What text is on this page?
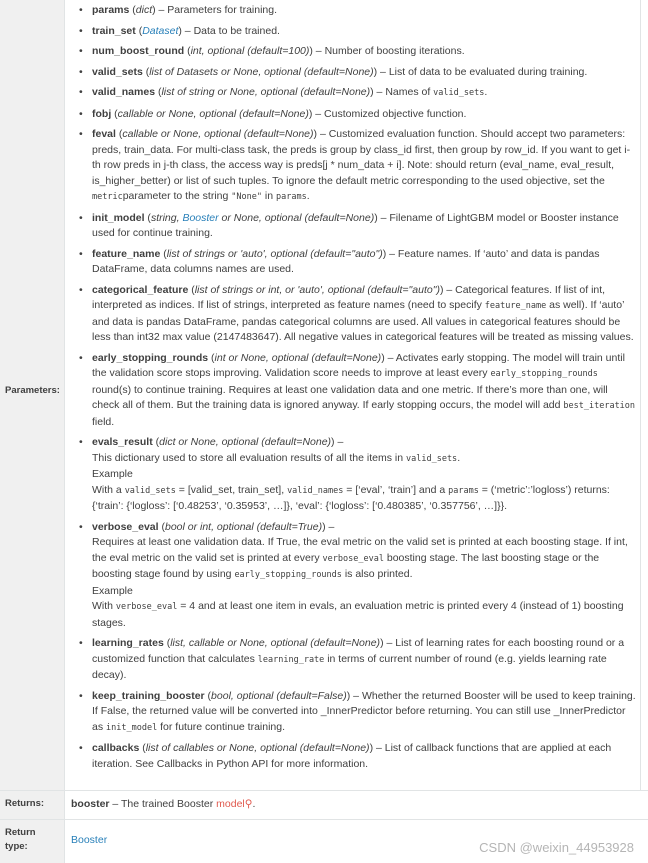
Parameters:
• params (dict) – Parameters for training.
• train_set (Dataset) – Data to be trained.
• num_boost_round (int, optional (default=100)) – Number of boosting iterations.
• valid_sets (list of Datasets or None, optional (default=None)) – List of data to be evaluated during training.
• valid_names (list of string or None, optional (default=None)) – Names of valid_sets.
• fobj (callable or None, optional (default=None)) – Customized objective function.
• feval (callable or None, optional (default=None)) – Customized evaluation function. Should accept two parameters: preds, train_data. For multi-class task, the preds is group by class_id first, then group by row_id. If you want to get i-th row preds in j-th class, the access way is preds[j * num_data + i]. Note: should return (eval_name, eval_result, is_higher_better) or list of such tuples. To ignore the default metric corresponding to the used objective, set the metricparameter to the string "None" in params.
• init_model (string, Booster or None, optional (default=None)) – Filename of LightGBM model or Booster instance used for continue training.
• feature_name (list of strings or 'auto', optional (default="auto")) – Feature names. If ‘auto’ and data is pandas DataFrame, data columns names are used.
• categorical_feature (list of strings or int, or 'auto', optional (default="auto")) – Categorical features. If list of int, interpreted as indices. If list of strings, interpreted as feature names (need to specify feature_name as well). If ‘auto’ and data is pandas DataFrame, pandas categorical columns are used. All values in categorical features should be less than int32 max value (2147483647). All negative values in categorical features will be treated as missing values.
• early_stopping_rounds (int or None, optional (default=None)) – Activates early stopping. The model will train until the validation score stops improving. Validation score needs to improve at least every early_stopping_rounds round(s) to continue training. Requires at least one validation data and one metric. If there’s more than one, will check all of them. But the training data is ignored anyway. If early stopping occurs, the model will add best_iteration field.
• evals_result (dict or None, optional (default=None)) –
This dictionary used to store all evaluation results of all the items in valid_sets.
Example
With a valid_sets = [valid_set, train_set], valid_names = [‘eval’, ‘train’] and a params = (‘metric’:’logloss’) returns: {‘train’: {‘logloss’: [‘0.48253’, ‘0.35953’, …]}, ‘eval’: {‘logloss’: [‘0.480385’, ‘0.357756’, …]}}.
• verbose_eval (bool or int, optional (default=True)) –
Requires at least one validation data. If True, the eval metric on the valid set is printed at each boosting stage. If int, the eval metric on the valid set is printed at every verbose_eval boosting stage. The last boosting stage or the boosting stage found by using early_stopping_rounds is also printed.
Example
With verbose_eval = 4 and at least one item in evals, an evaluation metric is printed every 4 (instead of 1) boosting stages.
• learning_rates (list, callable or None, optional (default=None)) – List of learning rates for each boosting round or a customized function that calculates learning_rate in terms of current number of round (e.g. yields learning rate decay).
• keep_training_booster (bool, optional (default=False)) – Whether the returned Booster will be used to keep training. If False, the returned value will be converted into _InnerPredictor before returning. You can still use _InnerPredictor as init_model for future continue training.
• callbacks (list of callables or None, optional (default=None)) – List of callback functions that are applied at each iteration. See Callbacks in Python API for more information.
Returns:	booster – The trained Booster model⚲.
Return
type:
Booster	CSDN @weixin_44953928
